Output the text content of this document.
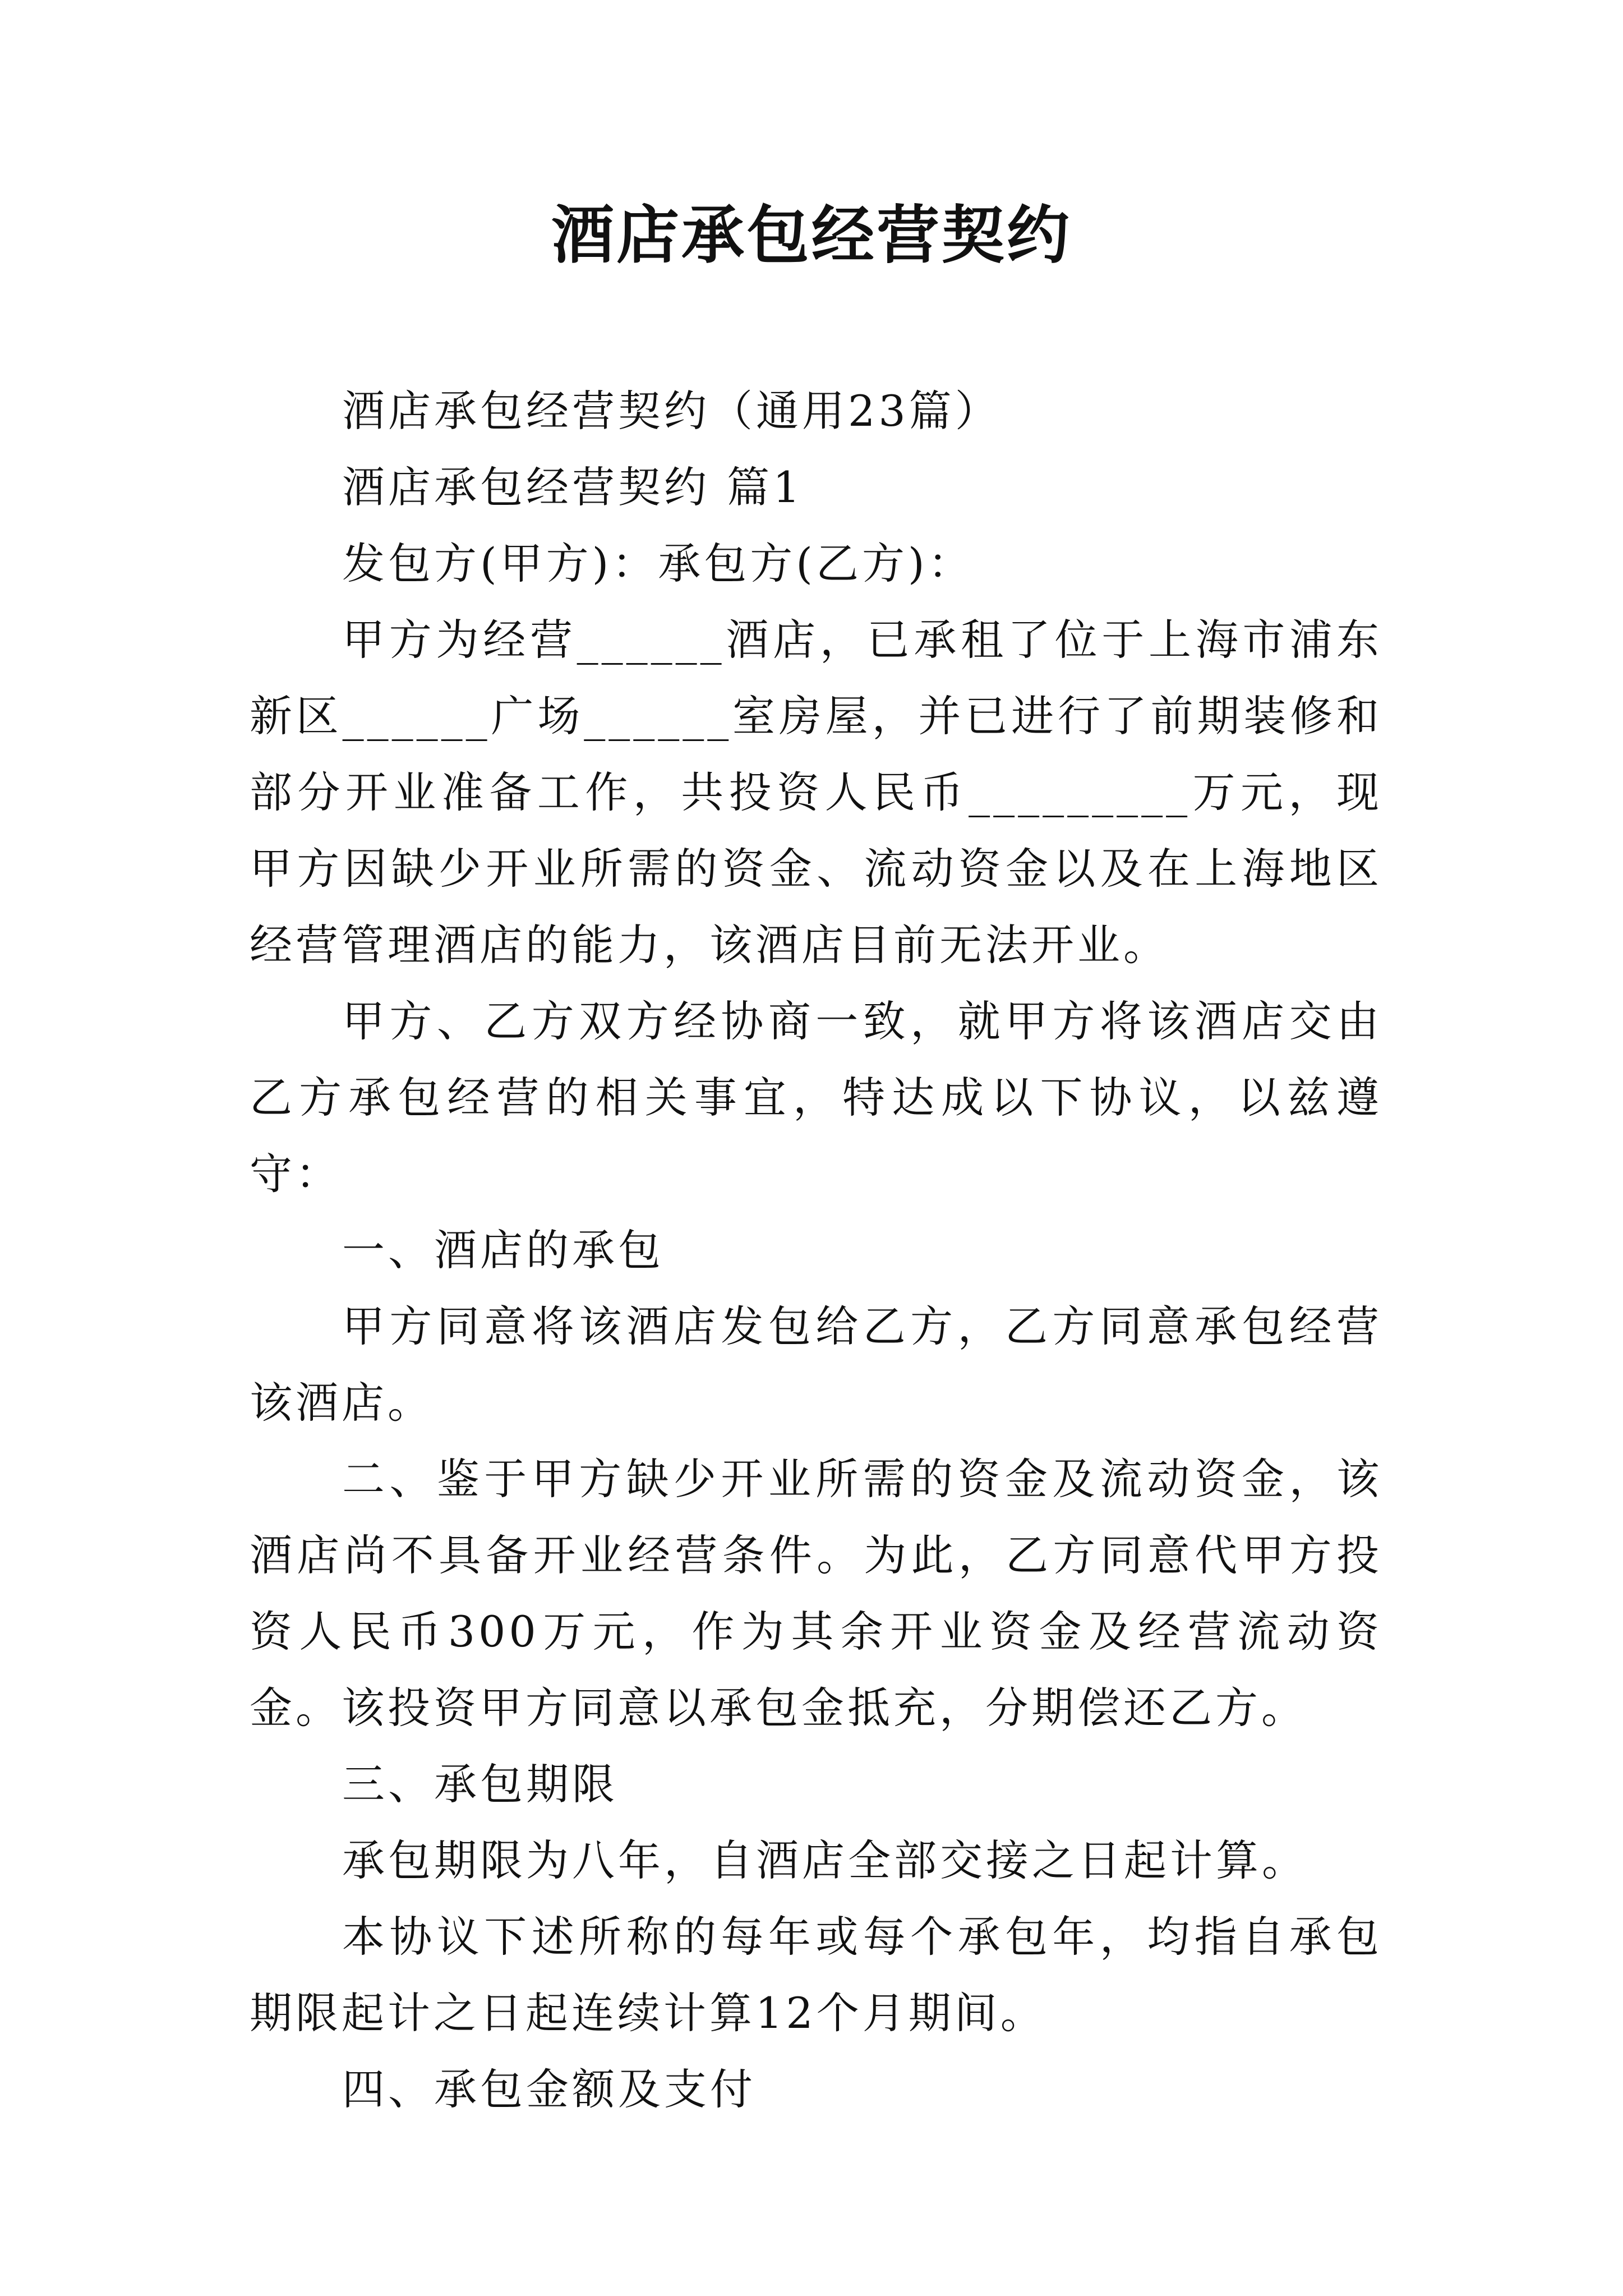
酒店承包经营契约

酒店承包经营契约（通用23篇）

酒店承包经营契约 篇1

发包方(甲方)：承包方(乙方)：

甲方为经营______酒店，已承租了位于上海市浦东新区______广场______室房屋，并已进行了前期装修和部分开业准备工作，共投资人民币_________万元，现甲方因缺少开业所需的资金、流动资金以及在上海地区经营管理酒店的能力，该酒店目前无法开业。

甲方、乙方双方经协商一致，就甲方将该酒店交由乙方承包经营的相关事宜，特达成以下协议，以兹遵守：

一、酒店的承包

甲方同意将该酒店发包给乙方，乙方同意承包经营该酒店。

二、鉴于甲方缺少开业所需的资金及流动资金，该酒店尚不具备开业经营条件。为此，乙方同意代甲方投资人民币300万元，作为其余开业资金及经营流动资金。该投资甲方同意以承包金抵充，分期偿还乙方。

三、承包期限

承包期限为八年，自酒店全部交接之日起计算。

本协议下述所称的每年或每个承包年，均指自承包期限起计之日起连续计算12个月期间。

四、承包金额及支付
